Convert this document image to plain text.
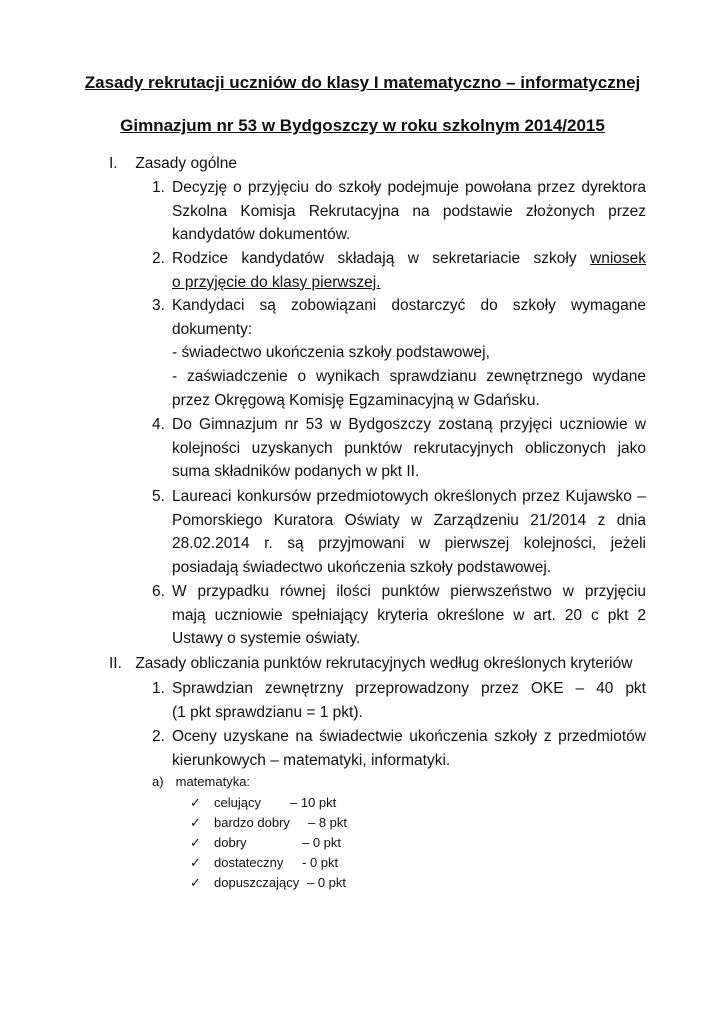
Zasady rekrutacji uczniów do klasy I matematyczno – informatycznej
Gimnazjum nr 53 w Bydgoszczy w roku szkolnym 2014/2015
I. Zasady ogólne
1. Decyzję o przyjęciu do szkoły podejmuje powołana przez dyrektora
Szkolna Komisja Rekrutacyjna na podstawie złożonych przez
kandydatów dokumentów.
2. Rodzice kandydatów składają w sekretariacie szkoły wniosek
o przyjęcie do klasy pierwszej.
3. Kandydaci są zobowiązani dostarczyć do szkoły wymagane
dokumenty:
- świadectwo ukończenia szkoły podstawowej,
- zaświadczenie o wynikach sprawdzianu zewnętrznego wydane
przez Okręgową Komisję Egzaminacyjną w Gdańsku.
4. Do Gimnazjum nr 53 w Bydgoszczy zostaną przyjęci uczniowie w
kolejności uzyskanych punktów rekrutacyjnych obliczonych jako
suma składników podanych w pkt II.
5. Laureaci konkursów przedmiotowych określonych przez Kujawsko –
Pomorskiego Kuratora Oświaty w Zarządzeniu 21/2014 z dnia
28.02.2014 r. są przyjmowani w pierwszej kolejności, jeżeli
posiadają świadectwo ukończenia szkoły podstawowej.
6. W przypadku równej ilości punktów pierwszeństwo w przyjęciu
mają uczniowie spełniający kryteria określone w art. 20 c pkt 2
Ustawy o systemie oświaty.
II. Zasady obliczania punktów rekrutacyjnych według określonych kryteriów
1. Sprawdzian zewnętrzny przeprowadzony przez OKE – 40 pkt
(1 pkt sprawdzianu = 1 pkt).
2. Oceny uzyskane na świadectwie ukończenia szkoły z przedmiotów
kierunkowych – matematyki, informatyki.
a) matematyka:
✓ celujący – 10 pkt
✓ bardzo dobry – 8 pkt
✓ dobry	– 0 pkt
✓ dostateczny - 0 pkt
✓ dopuszczający – 0 pkt
